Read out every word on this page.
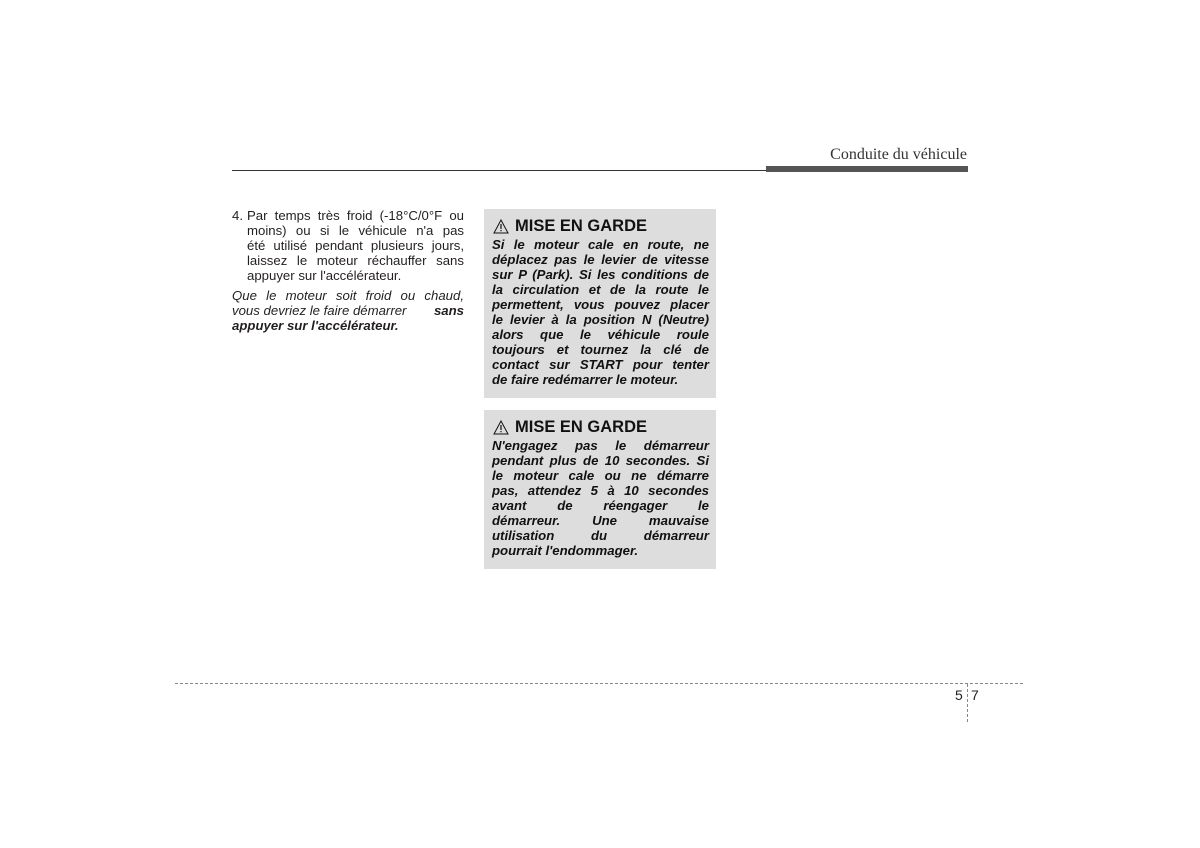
Conduite du véhicule
4. Par temps très froid (-18°C/0°F ou
moins) ou si le véhicule n'a pas
été utilisé pendant plusieurs jours,
laissez le moteur réchauffer sans
appuyer sur l'accélérateur.
Que le moteur soit froid ou chaud,
vous devriez le faire démarrer sans
appuyer sur l'accélérateur.
MISE EN GARDE
Si le moteur cale en route, ne
déplacez pas le levier de vitesse
sur P (Park). Si les conditions de
la circulation et de la route le
permettent, vous pouvez placer
le levier à la position N (Neutre)
alors que le véhicule roule
toujours et tournez la clé de
contact sur START pour tenter
de faire redémarrer le moteur.
MISE EN GARDE
N'engagez pas le démarreur
pendant plus de 10 secondes. Si
le moteur cale ou ne démarre
pas, attendez 5 à 10 secondes
avant de réengager le
démarreur. Une mauvaise
utilisation du démarreur
pourrait l'endommager.
5 7
